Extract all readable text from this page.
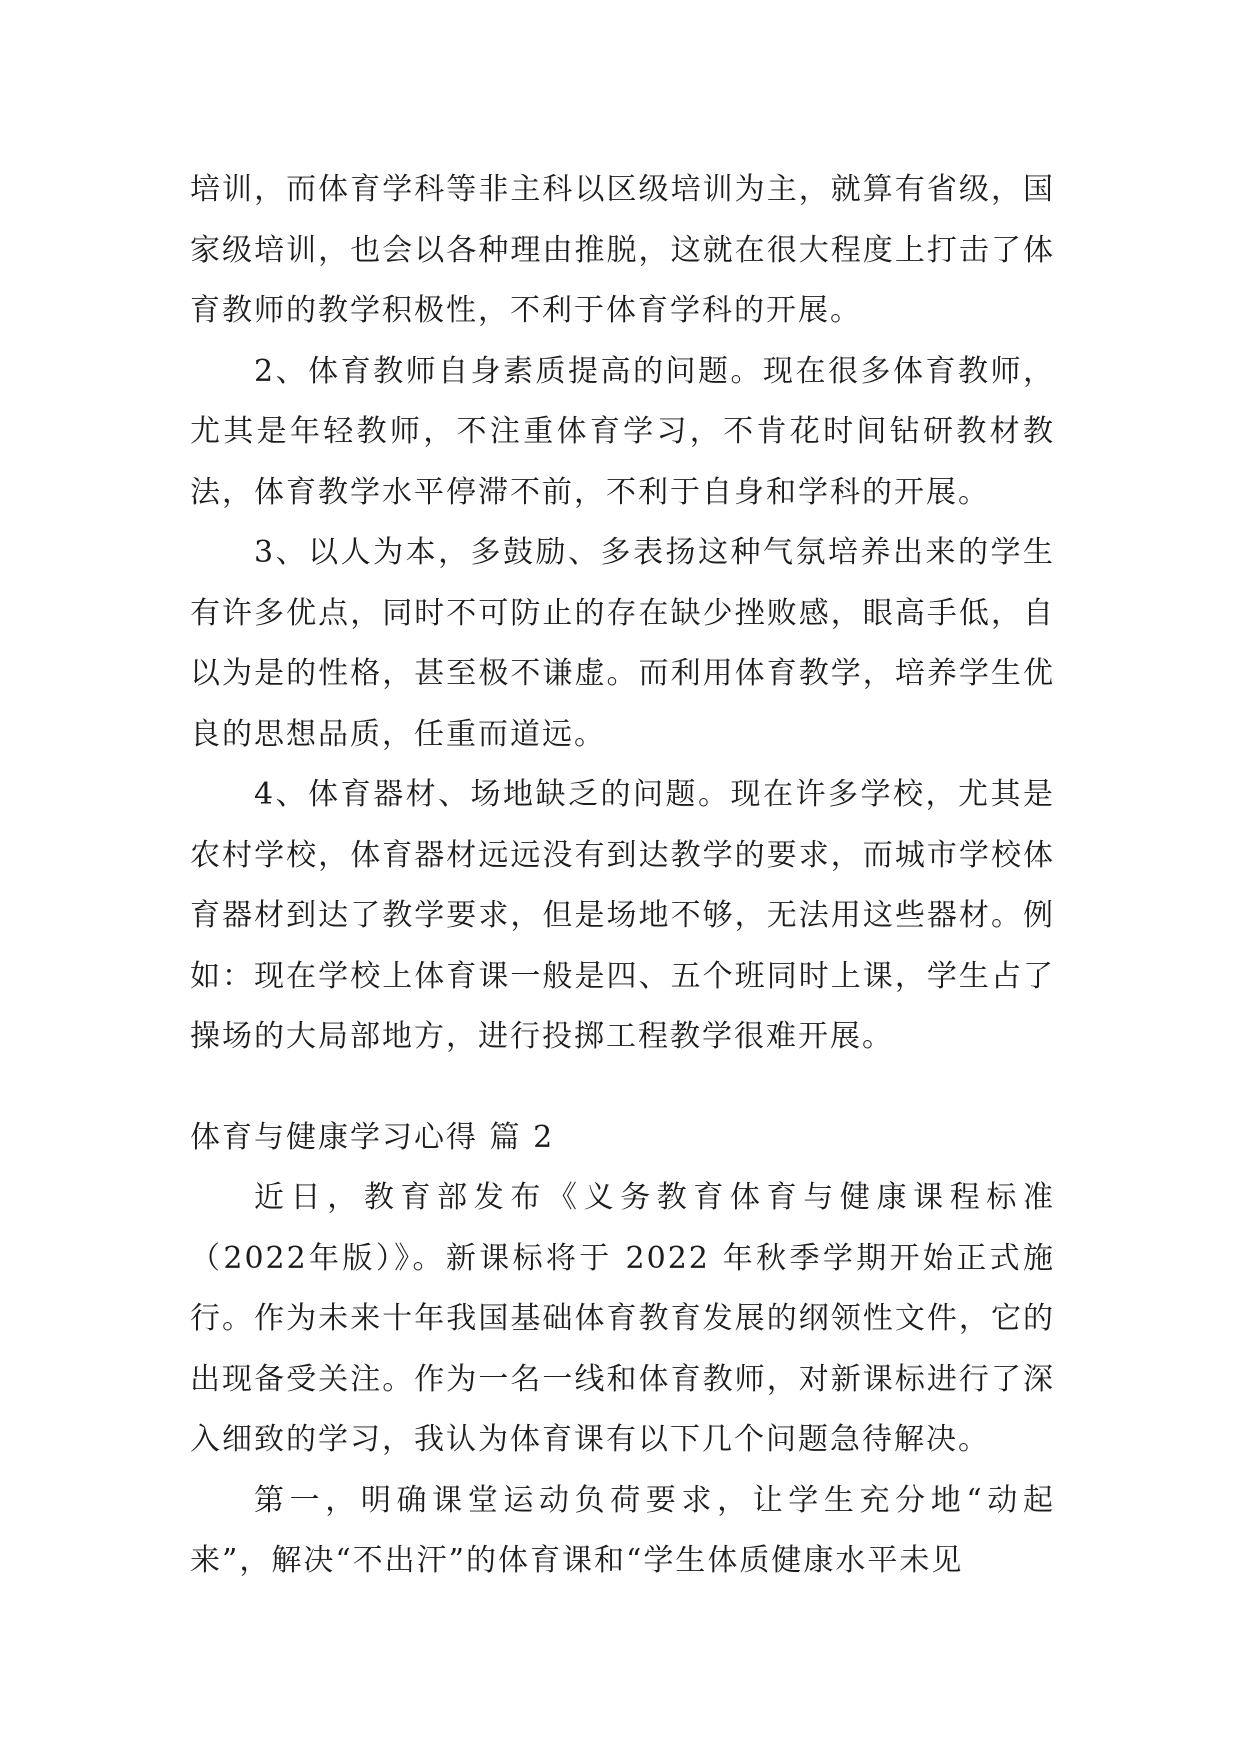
培训，而体育学科等非主科以区级培训为主，就算有省级，国家级培训，也会以各种理由推脱，这就在很大程度上打击了体育教师的教学积极性，不利于体育学科的开展。

2、体育教师自身素质提高的问题。现在很多体育教师，尤其是年轻教师，不注重体育学习，不肯花时间钻研教材教法，体育教学水平停滞不前，不利于自身和学科的开展。

3、以人为本，多鼓励、多表扬这种气氛培养出来的学生有许多优点，同时不可防止的存在缺少挫败感，眼高手低，自以为是的性格，甚至极不谦虚。而利用体育教学，培养学生优良的思想品质，任重而道远。

4、体育器材、场地缺乏的问题。现在许多学校，尤其是农村学校，体育器材远远没有到达教学的要求，而城市学校体育器材到达了教学要求，但是场地不够，无法用这些器材。例如：现在学校上体育课一般是四、五个班同时上课，学生占了操场的大局部地方，进行投掷工程教学很难开展。

体育与健康学习心得 篇 2

近日，教育部发布《义务教育体育与健康课程标准（2022年版）》。新课标将于 2022 年秋季学期开始正式施行。作为未来十年我国基础体育教育发展的纲领性文件，它的出现备受关注。作为一名一线和体育教师，对新课标进行了深入细致的学习，我认为体育课有以下几个问题急待解决。

第一，明确课堂运动负荷要求，让学生充分地“动起来”，解决“不出汗”的体育课和“学生体质健康水平未见
